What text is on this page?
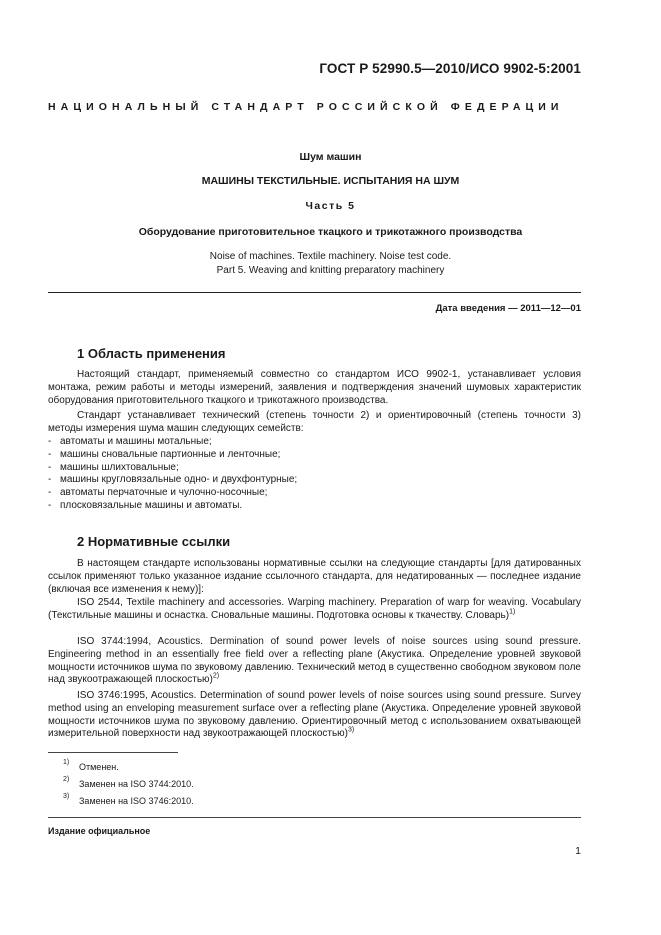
ГОСТ Р 52990.5—2010/ИСО 9902-5:2001
НАЦИОНАЛЬНЫЙ СТАНДАРТ РОССИЙСКОЙ ФЕДЕРАЦИИ
Шум машин
МАШИНЫ ТЕКСТИЛЬНЫЕ. ИСПЫТАНИЯ НА ШУМ
Часть 5
Оборудование приготовительное ткацкого и трикотажного производства
Noise of machines. Textile machinery. Noise test code.
Part 5. Weaving and knitting preparatory machinery
Дата введения — 2011—12—01
1 Область применения

Настоящий стандарт, применяемый совместно со стандартом ИСО 9902-1, устанавливает условия монтажа, режим работы и методы измерений, заявления и подтверждения значений шумовых характеристик оборудования приготовительного ткацкого и трикотажного производства.

Стандарт устанавливает технический (степень точности 2) и ориентировочный (степень точности 3) методы измерения шума машин следующих семейств:

- автоматы и машины мотальные;
- машины сновальные партионные и ленточные;
- машины шлихтовальные;
- машины кругловязальные одно- и двухфонтурные;
- автоматы перчаточные и чулочно-носочные;
- плосковязальные машины и автоматы.
2 Нормативные ссылки

В настоящем стандарте использованы нормативные ссылки на следующие стандарты [для датированных ссылок применяют только указанное издание ссылочного стандарта, для недатированных — последнее издание (включая все изменения к нему)]:

ISO 2544, Textile machinery and accessories. Warping machinery. Preparation of warp for weaving. Vocabulary (Текстильные машины и оснастка. Сновальные машины. Подготовка основы к ткачеству. Словарь)$^{1)}$

ISO 3744:1994, Acoustics. Dermination of sound power levels of noise sources using sound pressure. Engineering method in an essentially free field over a reflecting plane (Акустика. Определение уровней звуковой мощности источников шума по звуковому давлению. Технический метод в существенно свободном звуковом поле над звукоотражающей плоскостью)$^{2)}$

ISO 3746:1995, Acoustics. Determination of sound power levels of noise sources using sound pressure. Survey method using an enveloping measurement surface over a reflecting plane (Акустика. Определение уровней звуковой мощности источников шума по звуковому давлению. Ориентировочный метод с использованием охватывающей измерительной поверхности над звукоотражающей плоскостью)$^{3)}$

1) Отменен.
2) Заменен на ISO 3744:2010.
3) Заменен на ISO 3746:2010.
Издание официальное
1
